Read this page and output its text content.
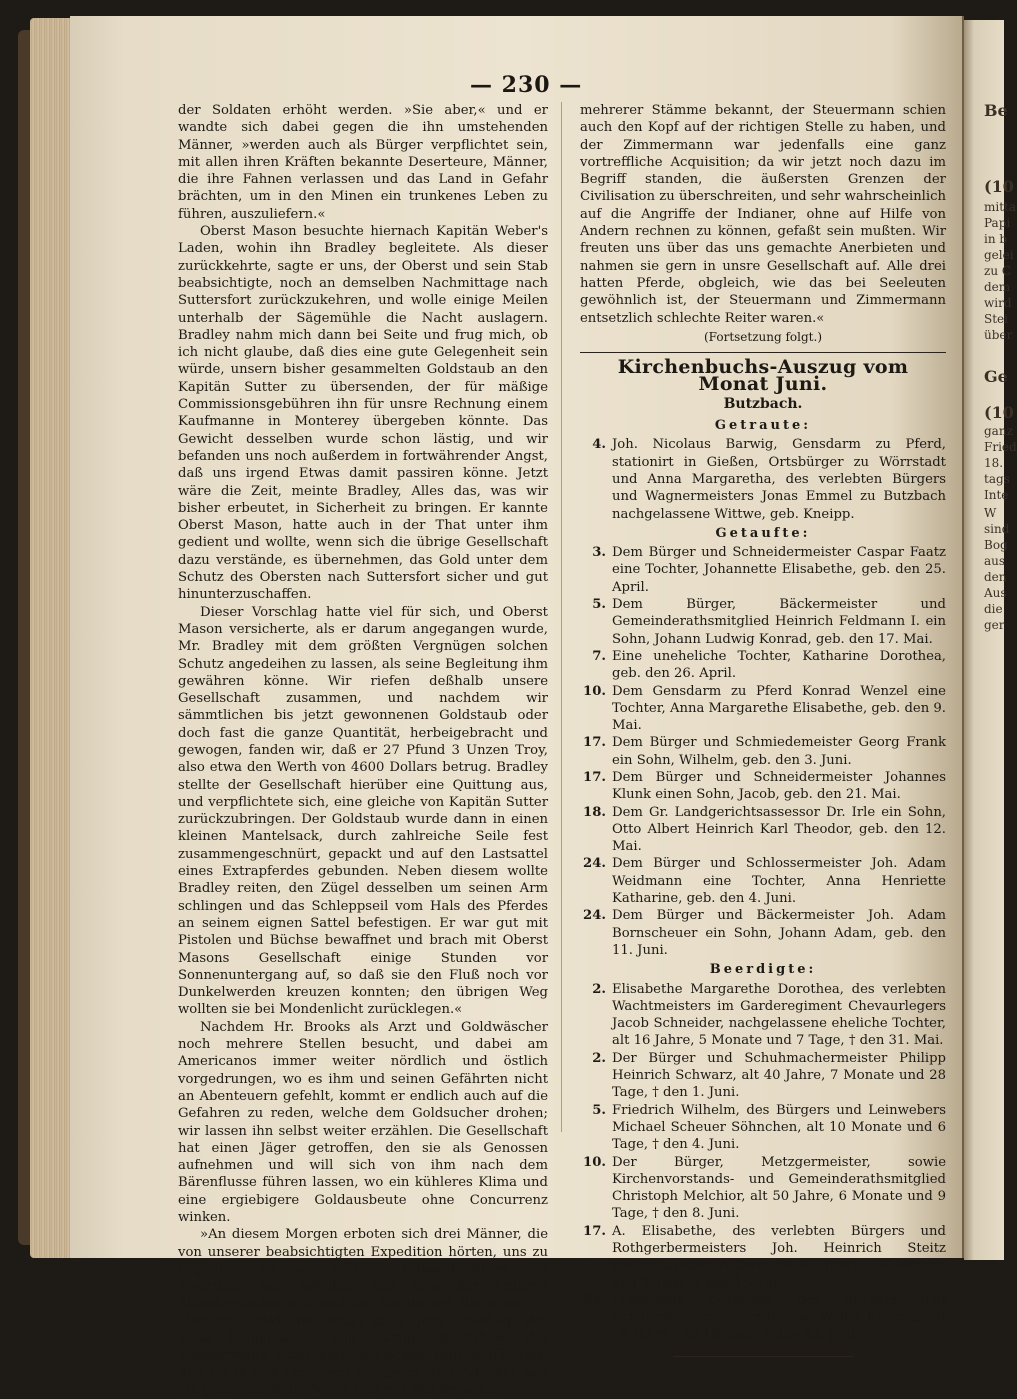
Be
(10
mitta
Papi
in b
gelei
zu C
dem
wird
Stei
über
Ge
(10
ganz
Fried
18.
tags
Inte
W
sind
Bog
aus
den
Aus
die
ger
— 230 —

der Soldaten erhöht werden. »Sie aber,« und er wandte sich dabei gegen die ihn umstehenden Männer, »werden auch als Bürger verpflichtet sein, mit allen ihren Kräften bekannte Deserteure, Männer, die ihre Fahnen verlassen und das Land in Gefahr brächten, um in den Minen ein trunkenes Leben zu führen, auszuliefern.«

Oberst Mason besuchte hiernach Kapitän Weber's Laden, wohin ihn Bradley begleitete. Als dieser zurückkehrte, sagte er uns, der Oberst und sein Stab beabsichtigte, noch an demselben Nachmittage nach Suttersfort zurückzukehren, und wolle einige Meilen unterhalb der Sägemühle die Nacht auslagern. Bradley nahm mich dann bei Seite und frug mich, ob ich nicht glaube, daß dies eine gute Gelegenheit sein würde, unsern bisher gesammelten Goldstaub an den Kapitän Sutter zu übersenden, der für mäßige Commissionsgebühren ihn für unsre Rechnung einem Kaufmanne in Monterey übergeben könnte. Das Gewicht desselben wurde schon lästig, und wir befanden uns noch außerdem in fortwährender Angst, daß uns irgend Etwas damit passiren könne. Jetzt wäre die Zeit, meinte Bradley, Alles das, was wir bisher erbeutet, in Sicherheit zu bringen. Er kannte Oberst Mason, hatte auch in der That unter ihm gedient und wollte, wenn sich die übrige Gesellschaft dazu verstände, es übernehmen, das Gold unter dem Schutz des Obersten nach Suttersfort sicher und gut hinunterzuschaffen.

Dieser Vorschlag hatte viel für sich, und Oberst Mason versicherte, als er darum angegangen wurde, Mr. Bradley mit dem größten Vergnügen solchen Schutz angedeihen zu lassen, als seine Begleitung ihm gewähren könne. Wir riefen deßhalb unsere Gesellschaft zusammen, und nachdem wir sämmtlichen bis jetzt gewonnenen Goldstaub oder doch fast die ganze Quantität, herbeigebracht und gewogen, fanden wir, daß er 27 Pfund 3 Unzen Troy, also etwa den Werth von 4600 Dollars betrug. Bradley stellte der Gesellschaft hierüber eine Quittung aus, und verpflichtete sich, eine gleiche von Kapitän Sutter zurückzubringen. Der Goldstaub wurde dann in einen kleinen Mantelsack, durch zahlreiche Seile fest zusammengeschnürt, gepackt und auf den Lastsattel eines Extrapferdes gebunden. Neben diesem wollte Bradley reiten, den Zügel desselben um seinen Arm schlingen und das Schleppseil vom Hals des Pferdes an seinem eignen Sattel befestigen. Er war gut mit Pistolen und Büchse bewaffnet und brach mit Oberst Masons Gesellschaft einige Stunden vor Sonnenuntergang auf, so daß sie den Fluß noch vor Dunkelwerden kreuzen konnten; den übrigen Weg wollten sie bei Mondenlicht zurücklegen.«

Nachdem Hr. Brooks als Arzt und Goldwäscher noch mehrere Stellen besucht, und dabei am Americanos immer weiter nördlich und östlich vorgedrungen, wo es ihm und seinen Gefährten nicht an Abenteuern gefehlt, kommt er endlich auch auf die Gefahren zu reden, welche dem Goldsucher drohen; wir lassen ihn selbst weiter erzählen. Die Gesellschaft hat einen Jäger getroffen, den sie als Genossen aufnehmen und will sich von ihm nach dem Bärenflusse führen lassen, wo ein kühleres Klima und eine ergiebigere Goldausbeute ohne Concurrenz winken.

»An diesem Morgen erboten sich drei Männer, die von unserer beabsichtigten Expedition hörten, uns zu begleiten. Es waren dies: Edward Story, ein amerikanischer Advokat, der eine der unteren Alkaldenstellen während der spanischen Regierung in Monterey bekleidet hatte; dann John Dowling, der erste Steuermann, und Samuel Bradshaw, der Zimmermann eines amerikanischen Wallfischfängers, den sie in San-Francisco verlassen. Der Advokat war ein ganz gebildeter Mann und mit den Sprachen

mehrerer Stämme bekannt, der Steuermann schien auch den Kopf auf der richtigen Stelle zu haben, und der Zimmermann war jedenfalls eine ganz vortreffliche Acquisition; da wir jetzt noch dazu im Begriff standen, die äußersten Grenzen der Civilisation zu überschreiten, und sehr wahrscheinlich auf die Angriffe der Indianer, ohne auf Hilfe von Andern rechnen zu können, gefaßt sein mußten. Wir freuten uns über das uns gemachte Anerbieten und nahmen sie gern in unsre Gesellschaft auf. Alle drei hatten Pferde, obgleich, wie das bei Seeleuten gewöhnlich ist, der Steuermann und Zimmermann entsetzlich schlechte Reiter waren.«

(Fortsetzung folgt.)
Kirchenbuchs-Auszug vom Monat Juni.
Butzbach.
Getraute:
4. Joh. Nicolaus Barwig, Gensdarm zu Pferd, stationirt in Gießen, Ortsbürger zu Wörrstadt und Anna Margaretha, des verlebten Bürgers und Wagnermeisters Jonas Emmel zu Butzbach nachgelassene Wittwe, geb. Kneipp.
Getaufte:
3. Dem Bürger und Schneidermeister Caspar Faatz eine Tochter, Johannette Elisabethe, geb. den 25. April.
5. Dem Bürger, Bäckermeister und Gemeinderathsmitglied Heinrich Feldmann I. ein Sohn, Johann Ludwig Konrad, geb. den 17. Mai.
7. Eine uneheliche Tochter, Katharine Dorothea, geb. den 26. April.
10. Dem Gensdarm zu Pferd Konrad Wenzel eine Tochter, Anna Margarethe Elisabethe, geb. den 9. Mai.
17. Dem Bürger und Schmiedemeister Georg Frank ein Sohn, Wilhelm, geb. den 3. Juni.
17. Dem Bürger und Schneidermeister Johannes Klunk einen Sohn, Jacob, geb. den 21. Mai.
18. Dem Gr. Landgerichtsassessor Dr. Irle ein Sohn, Otto Albert Heinrich Karl Theodor, geb. den 12. Mai.
24. Dem Bürger und Schlossermeister Joh. Adam Weidmann eine Tochter, Anna Henriette Katharine, geb. den 4. Juni.
24. Dem Bürger und Bäckermeister Joh. Adam Bornscheuer ein Sohn, Johann Adam, geb. den 11. Juni.
Beerdigte:
2. Elisabethe Margarethe Dorothea, des verlebten Wachtmeisters im Garderegiment Chevaurlegers Jacob Schneider, nachgelassene eheliche Tochter, alt 16 Jahre, 5 Monate und 7 Tage, † den 31. Mai.
2. Der Bürger und Schuhmachermeister Philipp Heinrich Schwarz, alt 40 Jahre, 7 Monate und 28 Tage, † den 1. Juni.
5. Friedrich Wilhelm, des Bürgers und Leinwebers Michael Scheuer Söhnchen, alt 10 Monate und 6 Tage, † den 4. Juni.
10. Der Bürger, Metzgermeister, sowie Kirchenvorstands- und Gemeinderathsmitglied Christoph Melchior, alt 50 Jahre, 6 Monate und 9 Tage, † den 8. Juni.
17. A. Elisabethe, des verlebten Bürgers und Rothgerbermeisters Joh. Heinrich Steitz nachgelassene Wittwe, alt 67 Jahre, 10 Monate und 2 Tage, † den 15. Juni.
24. Johannette Dorothea, des Bürgers und Schuhmachermeisters Konrad Weber Ehefrau, alt 50 Jahre und 19 Tage, † den 23. Juni.
